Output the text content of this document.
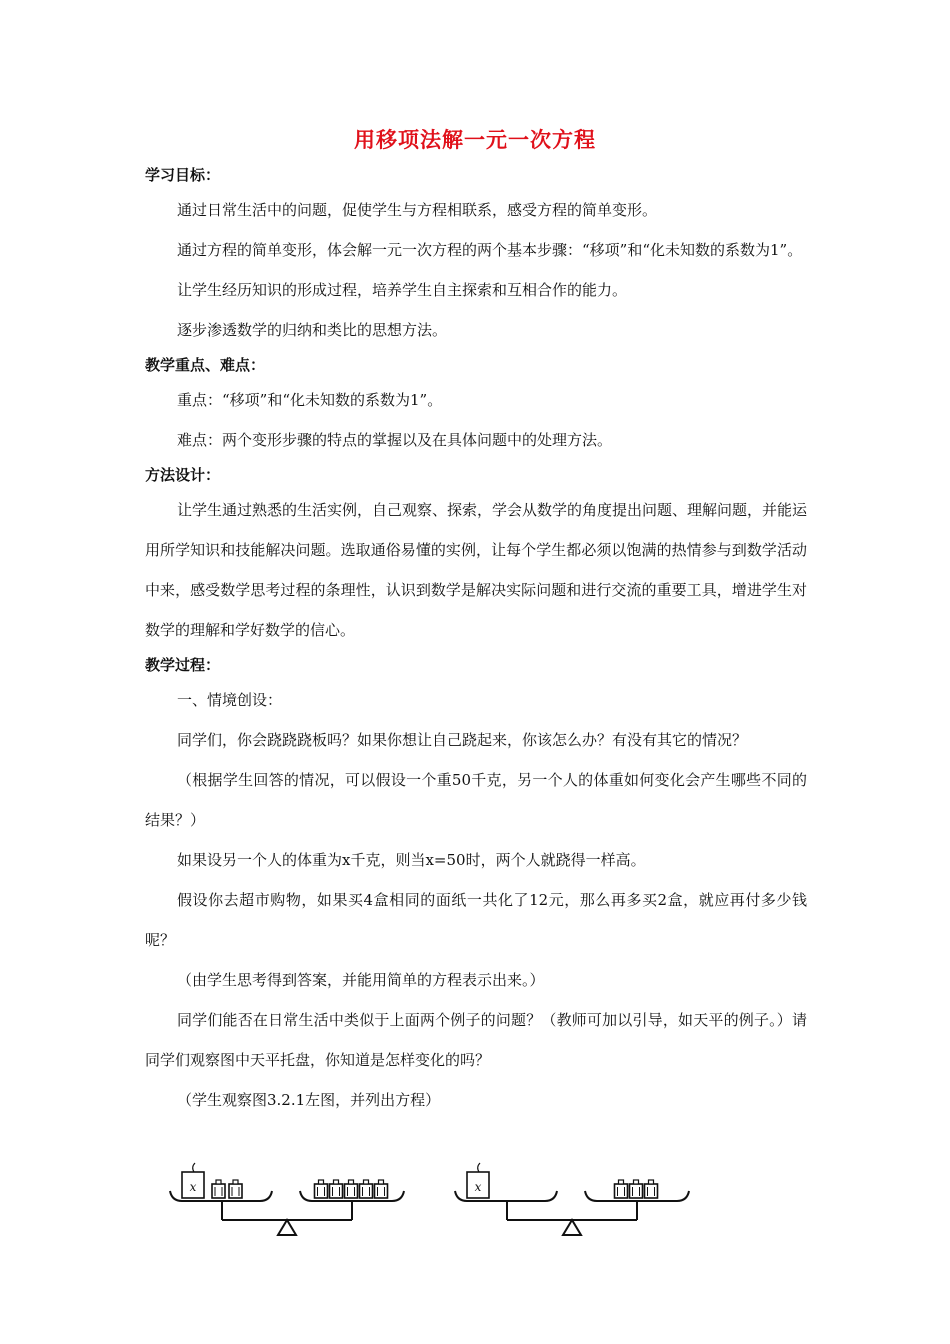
用移项法解一元一次方程

学习目标：

通过日常生活中的问题，促使学生与方程相联系，感受方程的简单变形。

通过方程的简单变形，体会解一元一次方程的两个基本步骤：“移项”和“化未知数的系数为1”。

让学生经历知识的形成过程，培养学生自主探索和互相合作的能力。

逐步渗透数学的归纳和类比的思想方法。

教学重点、难点：

重点：“移项”和“化未知数的系数为1”。

难点：两个变形步骤的特点的掌握以及在具体问题中的处理方法。

方法设计：

让学生通过熟悉的生活实例，自己观察、探索，学会从数学的角度提出问题、理解问题，并能运用所学知识和技能解决问题。选取通俗易懂的实例，让每个学生都必须以饱满的热情参与到数学活动中来，感受数学思考过程的条理性，认识到数学是解决实际问题和进行交流的重要工具，增进学生对数学的理解和学好数学的信心。

教学过程：

一、情境创设：

同学们，你会跷跷跷板吗？如果你想让自己跷起来，你该怎么办？有没有其它的情况？

（根据学生回答的情况，可以假设一个重50千克，另一个人的体重如何变化会产生哪些不同的结果？）

如果设另一个人的体重为x千克，则当x=50时，两个人就跷得一样高。

假设你去超市购物，如果买4盒相同的面纸一共化了12元，那么再多买2盒，就应再付多少钱呢？

（由学生思考得到答案，并能用简单的方程表示出来。）

同学们能否在日常生活中类似于上面两个例子的问题？（教师可加以引导，如天平的例子。）请同学们观察图中天平托盘，你知道是怎样变化的吗？

（学生观察图3.2.1左图，并列出方程）

x	x
